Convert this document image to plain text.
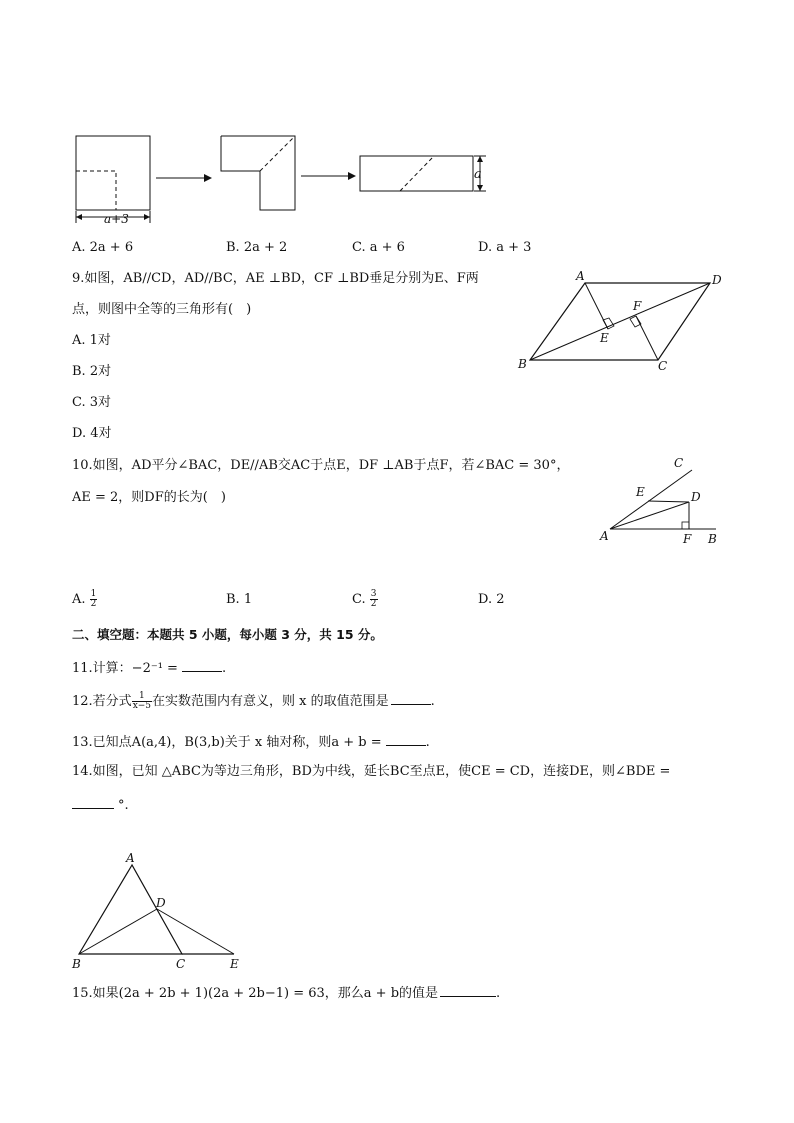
a+3
a
A. 2a + 6	B. 2a + 2	C. a + 6	D. a + 3
9.如图，AB//CD，AD//BC，AE ⊥BD，CF ⊥BD垂足分别为E、F两
点，则图中全等的三角形有(　)
A. 1对
B. 2对
C. 3对
D. 4对
A	D
B	C
E
F
10.如图，AD平分∠BAC，DE//AB交AC于点E，DF ⊥AB于点F，若∠BAC = 30°，
AE = 2，则DF的长为(　)
C
E	D
A	F B
A. $\frac{1}{2}$	B. 1	C. $\frac{3}{2}$	D. 2
二、填空题：本题共 5 小题，每小题 3 分，共 15 分。
11.计算：−2⁻¹ =	.
12.若分式 $\frac{1}{x-5}$ 在实数范围内有意义，则 x 的取值范围是	.
13.已知点A(a,4)，B(3,b)关于 x 轴对称，则a + b =	.
14.如图，已知 △ABC为等边三角形，BD为中线，延长BC至点E，使CE = CD，连接DE，则∠BDE =
°.
A
D
B	C	E
15.如果(2a + 2b + 1)(2a + 2b−1) = 63，那么a + b的值是	.
